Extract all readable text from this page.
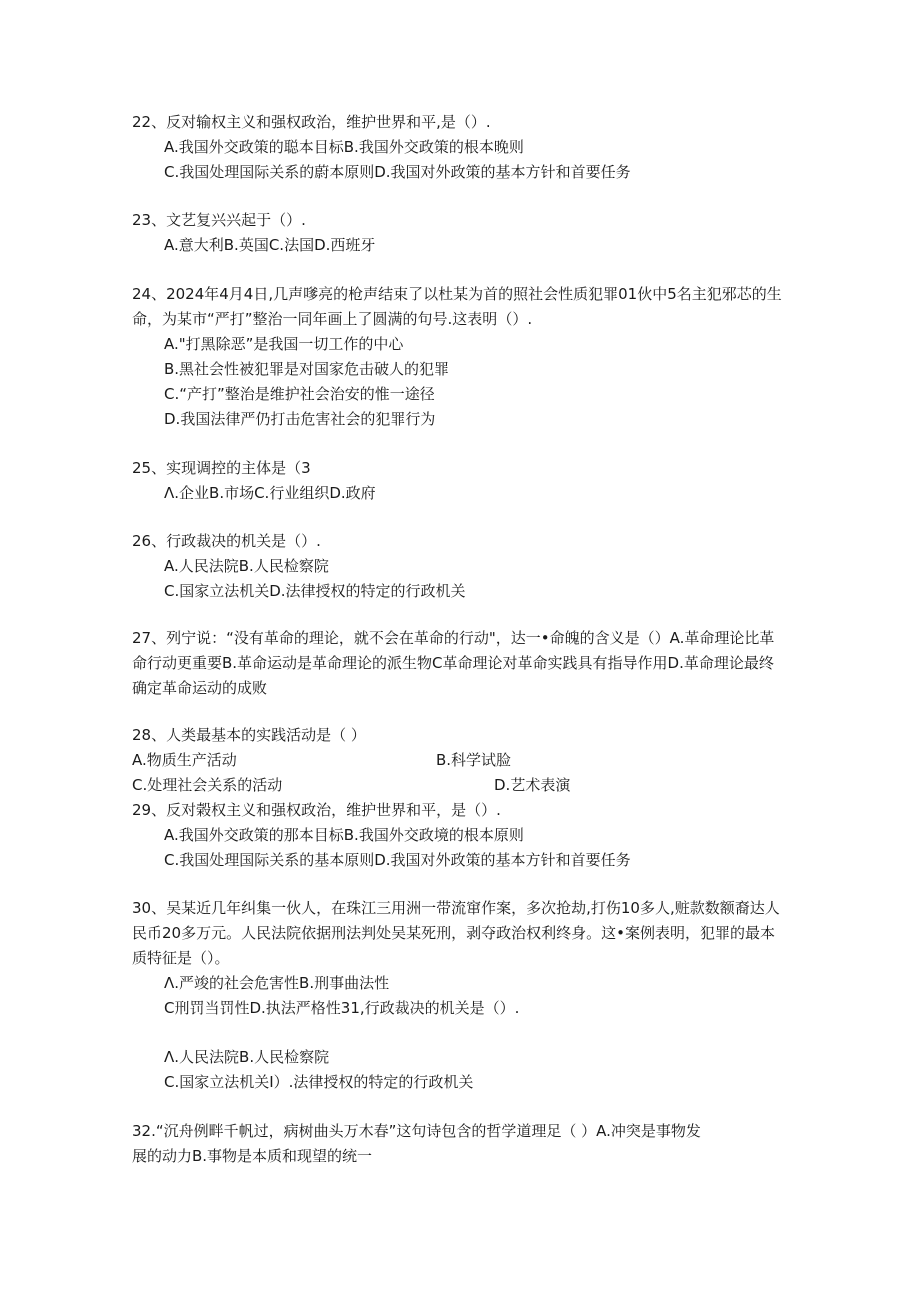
22、反对输权主义和强权政治，维护世界和平,是（）.

A.我国外交政策的聪本目标B.我国外交政策的根本晚则

C.我国处理国际关系的蔚本原则D.我国对外政策的基本方针和首要任务

23、文艺复兴兴起于（）.

A.意大利B.英国C.法国D.西班牙

24、2024年4月4日,几声嗲亮的枪声结束了以杜某为首的照社会性质犯罪01伙中5名主犯邪芯的生

命，为某市“严打”整治一同年画上了圆满的句号.这表明（）.

A."打黑除恶”是我国一切工作的中心

B.黑社会性被犯罪是对国家危击破人的犯罪

C.“产打”整治是维护社会治安的惟一途径

D.我国法律严仍打击危害社会的犯罪行为

25、实现调控的主体是（3

Λ.企业B.市场C.行业组织D.政府

26、行政裁决的机关是（）.

A.人民法院B.人民检察院

C.国家立法机关D.法律授权的特定的行政机关

27、列宁说：“没有革命的理论，就不会在革命的行动"，达一•命魄的含义是（）A.革命理论比革

命行动更重要B.革命运动是革命理论的派生物C革命理论对革命实践具有指导作用D.革命理论最终

确定革命运动的成败

28、人类最基本的实践活动是（ ）

A.物质生产活动	B.科学试脸

C.处理社会关系的活动	D.艺术表演

29、反对榖权主义和强权政治，维护世界和平，是（）.

A.我国外交政策的那本目标B.我国外交政境的根本原则

C.我国处理国际关系的基本原则D.我国对外政策的基本方针和首要任务

30、吴某近几年纠集一伙人，在珠江三用洲一带流窜作案，多次抢劫,打伤10多人,赃款数额裔达人

民币20多万元。人民法院依据刑法判处吴某死刑，剥夺政治权利终身。这•案例表明，犯罪的最本

质特征是（）。

Λ.严竣的社会危害性B.刑事曲法性

C刑罚当罚性D.执法严格性31,行政裁决的机关是（）.

Λ.人民法院B.人民检察院

C.国家立法机关I）.法律授权的特定的行政机关

32.“沉舟例畔千帆过，病树曲头万木春”这句诗包含的哲学道理足（ ）A.冲突是事物发

展的动力B.事物是本质和现望的统一
